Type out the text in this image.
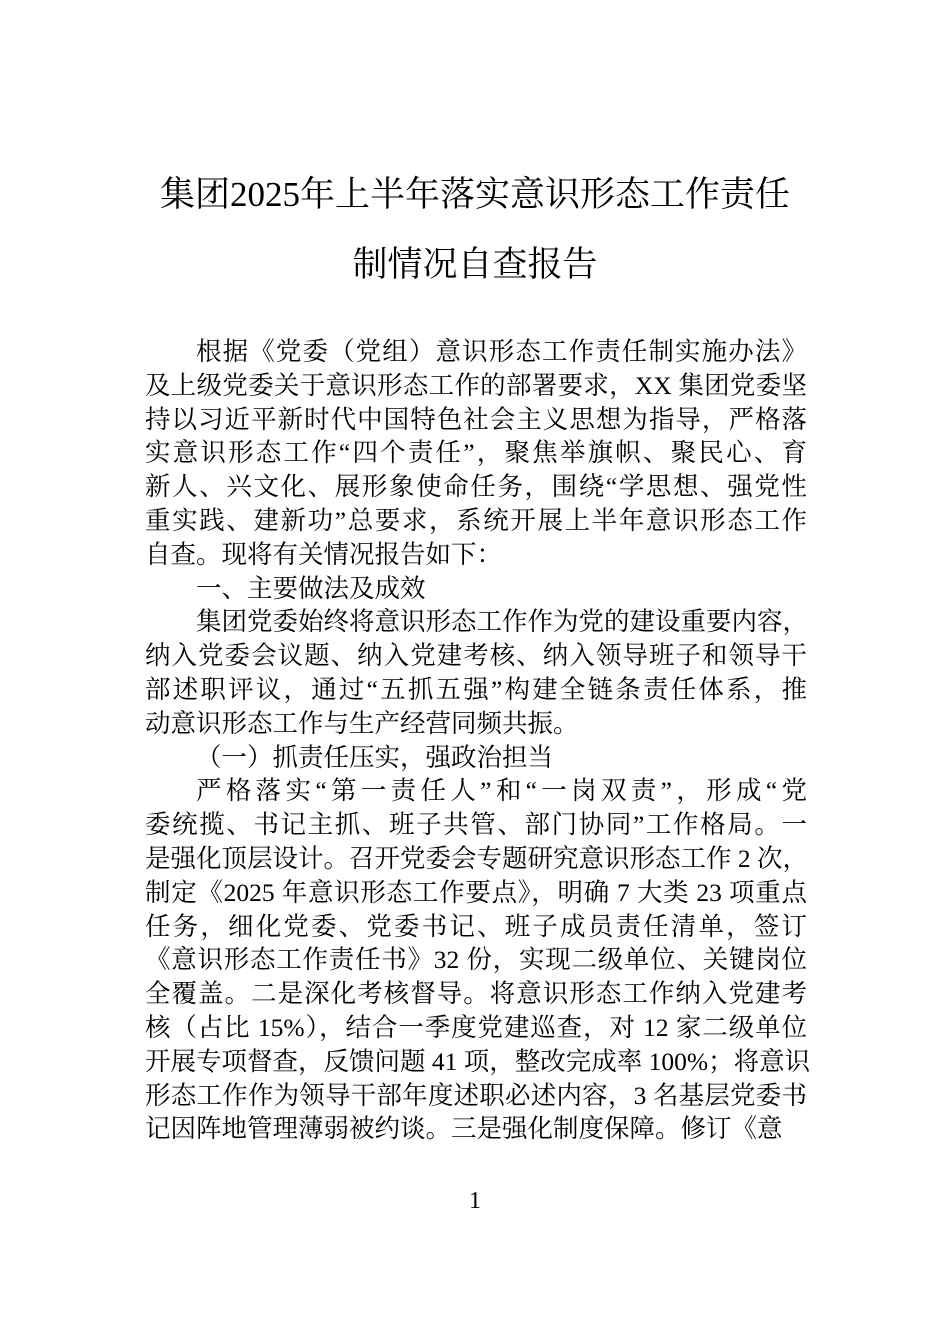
集团2025年上半年落实意识形态工作责任
制情况自查报告
根据《党委（党组）意识形态工作责任制实施办法》
及上级党委关于意识形态工作的部署要求，XX 集团党委坚
持以习近平新时代中国特色社会主义思想为指导，严格落
实意识形态工作“四个责任”，聚焦举旗帜、聚民心、育
新人、兴文化、展形象使命任务，围绕“学思想、强党性
重实践、建新功”总要求，系统开展上半年意识形态工作
自查。现将有关情况报告如下：
一、主要做法及成效
集团党委始终将意识形态工作作为党的建设重要内容，
纳入党委会议题、纳入党建考核、纳入领导班子和领导干
部述职评议，通过“五抓五强”构建全链条责任体系，推
动意识形态工作与生产经营同频共振。
（一）抓责任压实，强政治担当
严格落实“第一责任人”和“一岗双责”，形成“党
委统揽、书记主抓、班子共管、部门协同”工作格局。一
是强化顶层设计。召开党委会专题研究意识形态工作 2 次，
制定《2025 年意识形态工作要点》，明确 7 大类 23 项重点
任务，细化党委、党委书记、班子成员责任清单，签订
《意识形态工作责任书》32 份，实现二级单位、关键岗位
全覆盖。二是深化考核督导。将意识形态工作纳入党建考
核（占比 15%），结合一季度党建巡查，对 12 家二级单位
开展专项督查，反馈问题 41 项，整改完成率 100%；将意识
形态工作作为领导干部年度述职必述内容，3 名基层党委书
记因阵地管理薄弱被约谈。三是强化制度保障。修订《意
1
